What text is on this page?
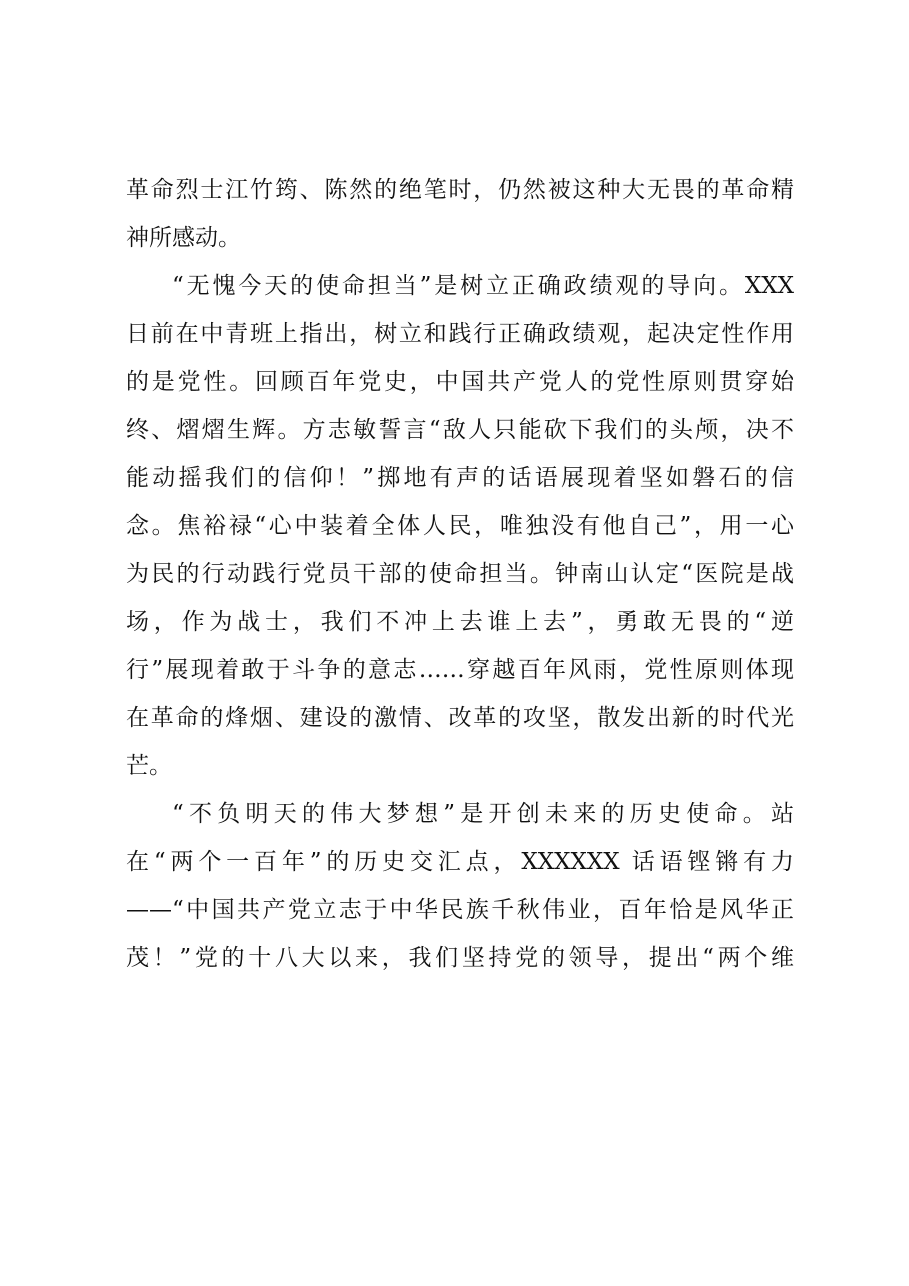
革命烈士江竹筠、陈然的绝笔时，仍然被这种大无畏的革命精
神所感动。
“无愧今天的使命担当”是树立正确政绩观的导向。XXX
日前在中青班上指出，树立和践行正确政绩观，起决定性作用
的是党性。回顾百年党史，中国共产党人的党性原则贯穿始
终、熠熠生辉。方志敏誓言“敌人只能砍下我们的头颅，决不
能动摇我们的信仰！”掷地有声的话语展现着坚如磐石的信
念。焦裕禄“心中装着全体人民，唯独没有他自己”，用一心
为民的行动践行党员干部的使命担当。钟南山认定“医院是战
场，作为战士，我们不冲上去谁上去”，勇敢无畏的“逆
行”展现着敢于斗争的意志……穿越百年风雨，党性原则体现
在革命的烽烟、建设的激情、改革的攻坚，散发出新的时代光
芒。
“不负明天的伟大梦想”是开创未来的历史使命。站
在“两个一百年”的历史交汇点，XXXXXX 话语铿锵有力
——“中国共产党立志于中华民族千秋伟业，百年恰是风华正
茂！”党的十八大以来，我们坚持党的领导，提出“两个维
